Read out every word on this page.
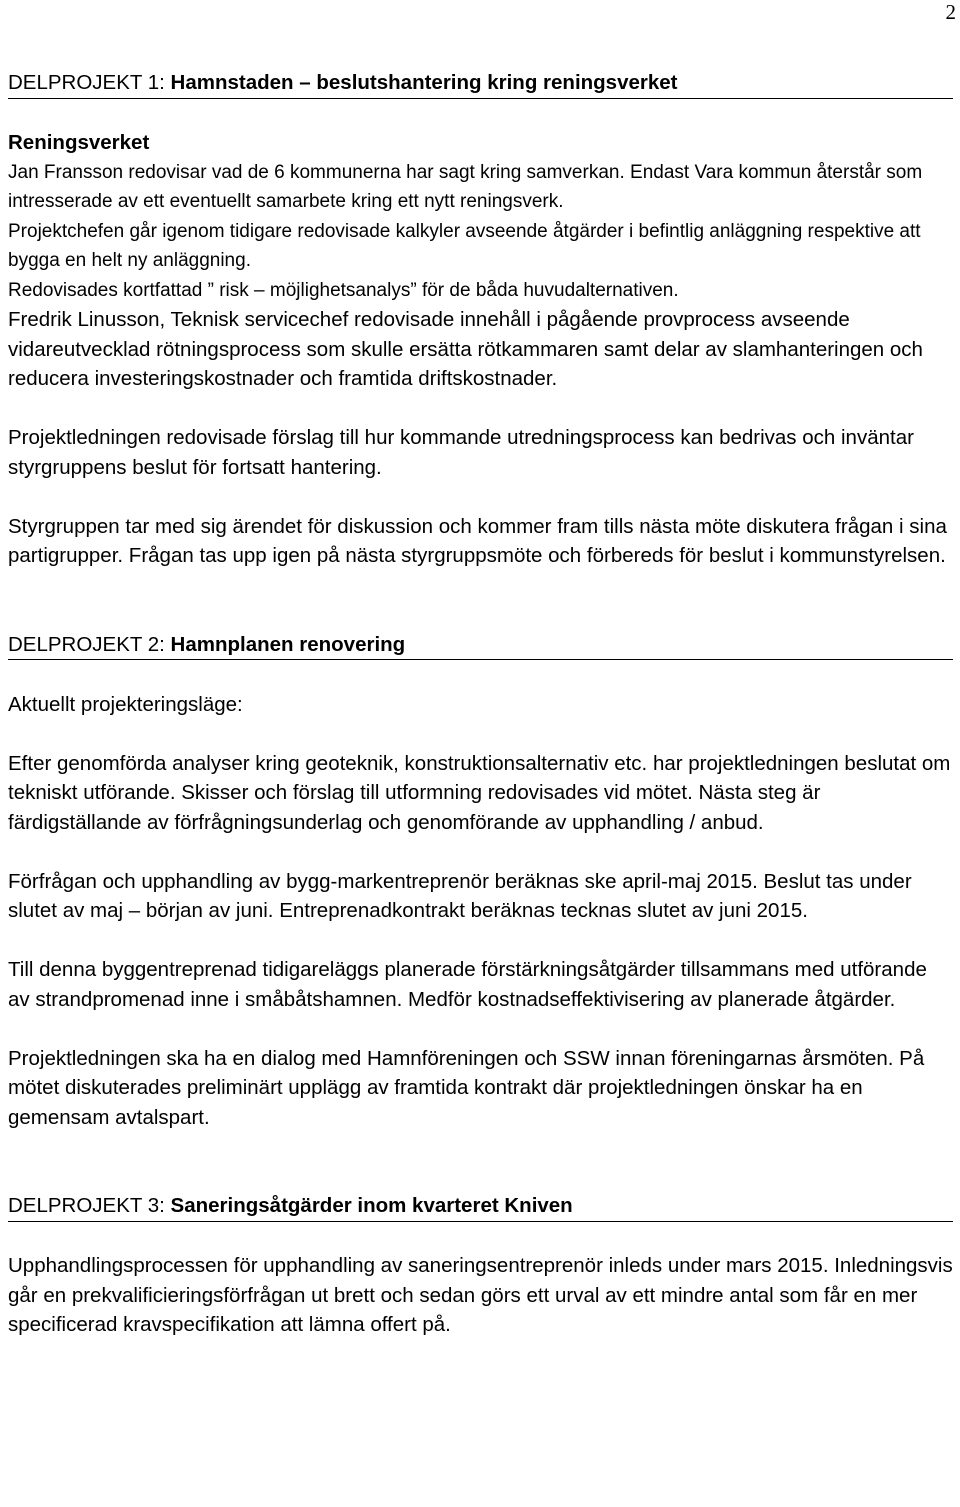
2

DELPROJEKT 1: Hamnstaden – beslutshantering kring reningsverket

Reningsverket

Jan Fransson redovisar vad de 6 kommunerna har sagt kring samverkan. Endast Vara kommun återstår som intresserade av ett eventuellt samarbete kring ett nytt reningsverk.

Projektchefen går igenom tidigare redovisade kalkyler avseende åtgärder i befintlig anläggning respektive att bygga en helt ny anläggning.

Redovisades kortfattad ” risk – möjlighetsanalys” för de båda huvudalternativen.

Fredrik Linusson, Teknisk servicechef redovisade innehåll i pågående provprocess avseende vidareutvecklad rötningsprocess som skulle ersätta rötkammaren samt delar av slamhanteringen och reducera investeringskostnader och framtida driftskostnader.

Projektledningen redovisade förslag till hur kommande utredningsprocess kan bedrivas och inväntar styrgruppens beslut för fortsatt hantering.

Styrgruppen tar med sig ärendet för diskussion och kommer fram tills nästa möte diskutera frågan i sina partigrupper. Frågan tas upp igen på nästa styrgruppsmöte och förbereds för beslut i kommunstyrelsen.

DELPROJEKT 2: Hamnplanen renovering

Aktuellt projekteringsläge:

Efter genomförda analyser kring geoteknik, konstruktionsalternativ etc. har projektledningen beslutat om tekniskt utförande. Skisser och förslag till utformning redovisades vid mötet. Nästa steg är färdigställande av förfrågningsunderlag och genomförande av upphandling / anbud.

Förfrågan och upphandling av bygg-markentreprenör beräknas ske april-maj 2015. Beslut tas under slutet av maj – början av juni. Entreprenadkontrakt beräknas tecknas slutet av juni 2015.

Till denna byggentreprenad tidigareläggs planerade förstärkningsåtgärder tillsammans med utförande av strandpromenad inne i småbåtshamnen. Medför kostnadseffektivisering av planerade åtgärder.

Projektledningen ska ha en dialog med Hamnföreningen och SSW innan föreningarnas årsmöten. På mötet diskuterades preliminärt upplägg av framtida kontrakt där projektledningen önskar ha en gemensam avtalspart.

DELPROJEKT 3: Saneringsåtgärder inom kvarteret Kniven

Upphandlingsprocessen för upphandling av saneringsentreprenör inleds under mars 2015. Inledningsvis går en prekvalificieringsförfrågan ut brett och sedan görs ett urval av ett mindre antal som får en mer specificerad kravspecifikation att lämna offert på.
